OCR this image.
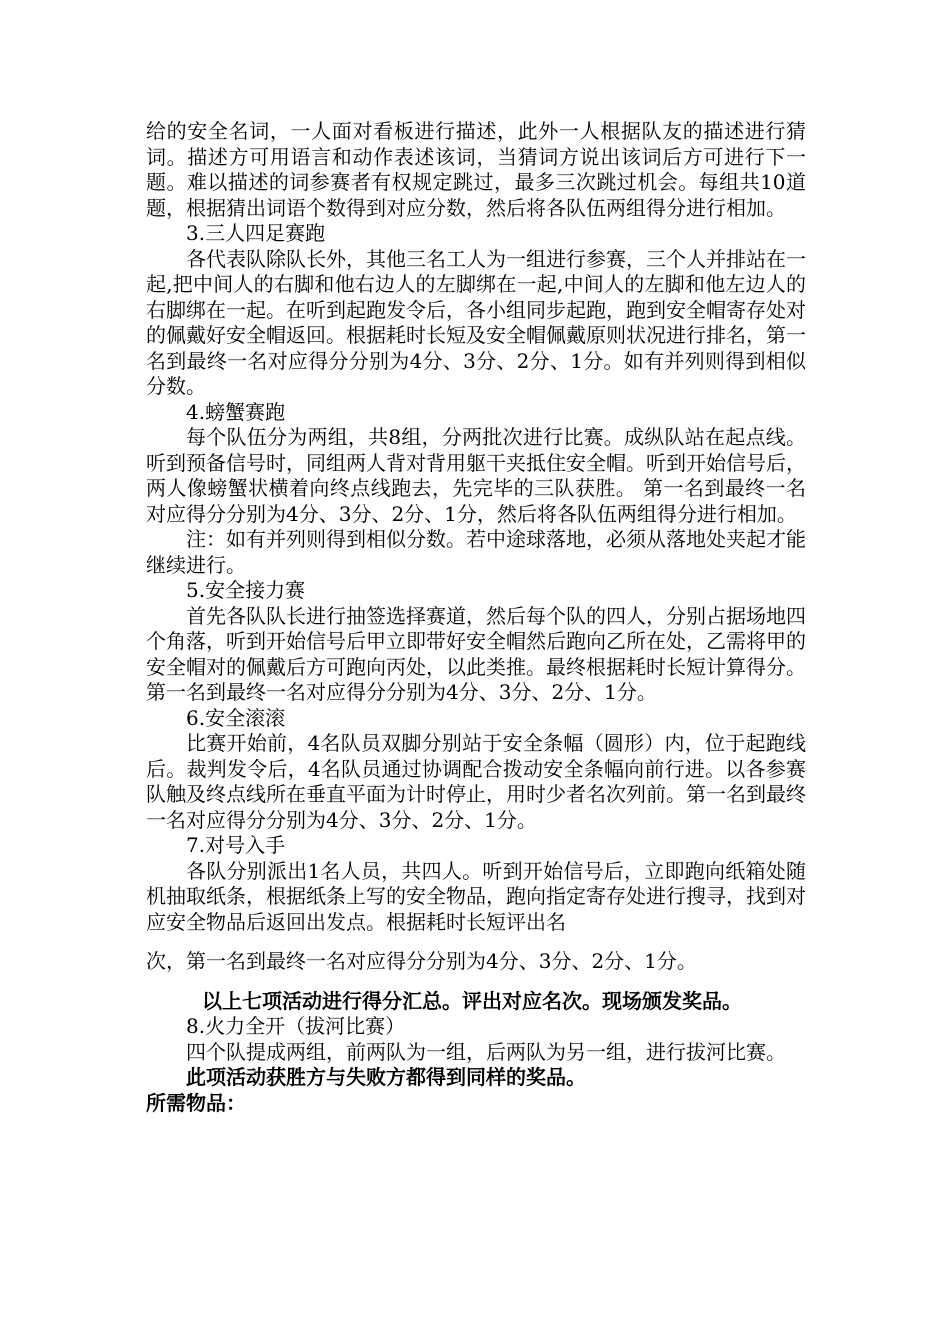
给的安全名词，一人面对看板进行描述，此外一人根据队友的描述进行猜词。描述方可用语言和动作表述该词，当猜词方说出该词后方可进行下一题。难以描述的词参赛者有权规定跳过，最多三次跳过机会。每组共10道题，根据猜出词语个数得到对应分数，然后将各队伍两组得分进行相加。

3.三人四足赛跑

各代表队除队长外，其他三名工人为一组进行参赛，三个人并排站在一起,把中间人的右脚和他右边人的左脚绑在一起,中间人的左脚和他左边人的右脚绑在一起。在听到起跑发令后，各小组同步起跑，跑到安全帽寄存处对的佩戴好安全帽返回。根据耗时长短及安全帽佩戴原则状况进行排名，第一名到最终一名对应得分分别为4分、3分、2分、1分。如有并列则得到相似分数。

4.螃蟹赛跑

每个队伍分为两组，共8组，分两批次进行比赛。成纵队站在起点线。听到预备信号时，同组两人背对背用躯干夹抵住安全帽。听到开始信号后，两人像螃蟹状横着向终点线跑去，先完毕的三队获胜。 第一名到最终一名对应得分分别为4分、3分、2分、1分，然后将各队伍两组得分进行相加。

注：如有并列则得到相似分数。若中途球落地，必须从落地处夹起才能继续进行。

5.安全接力赛

首先各队队长进行抽签选择赛道，然后每个队的四人，分别占据场地四个角落，听到开始信号后甲立即带好安全帽然后跑向乙所在处，乙需将甲的安全帽对的佩戴后方可跑向丙处，以此类推。最终根据耗时长短计算得分。第一名到最终一名对应得分分别为4分、3分、2分、1分。

6.安全滚滚

比赛开始前，4名队员双脚分别站于安全条幅（圆形）内，位于起跑线后。裁判发令后，4名队员通过协调配合拨动安全条幅向前行进。以各参赛队触及终点线所在垂直平面为计时停止，用时少者名次列前。第一名到最终一名对应得分分别为4分、3分、2分、1分。

7.对号入手

各队分别派出1名人员，共四人。听到开始信号后，立即跑向纸箱处随机抽取纸条，根据纸条上写的安全物品，跑向指定寄存处进行搜寻，找到对应安全物品后返回出发点。根据耗时长短评出名

次，第一名到最终一名对应得分分别为4分、3分、2分、1分。

以上七项活动进行得分汇总。评出对应名次。现场颁发奖品。

8.火力全开（拔河比赛）

四个队提成两组，前两队为一组，后两队为另一组，进行拔河比赛。

此项活动获胜方与失败方都得到同样的奖品。

所需物品：
